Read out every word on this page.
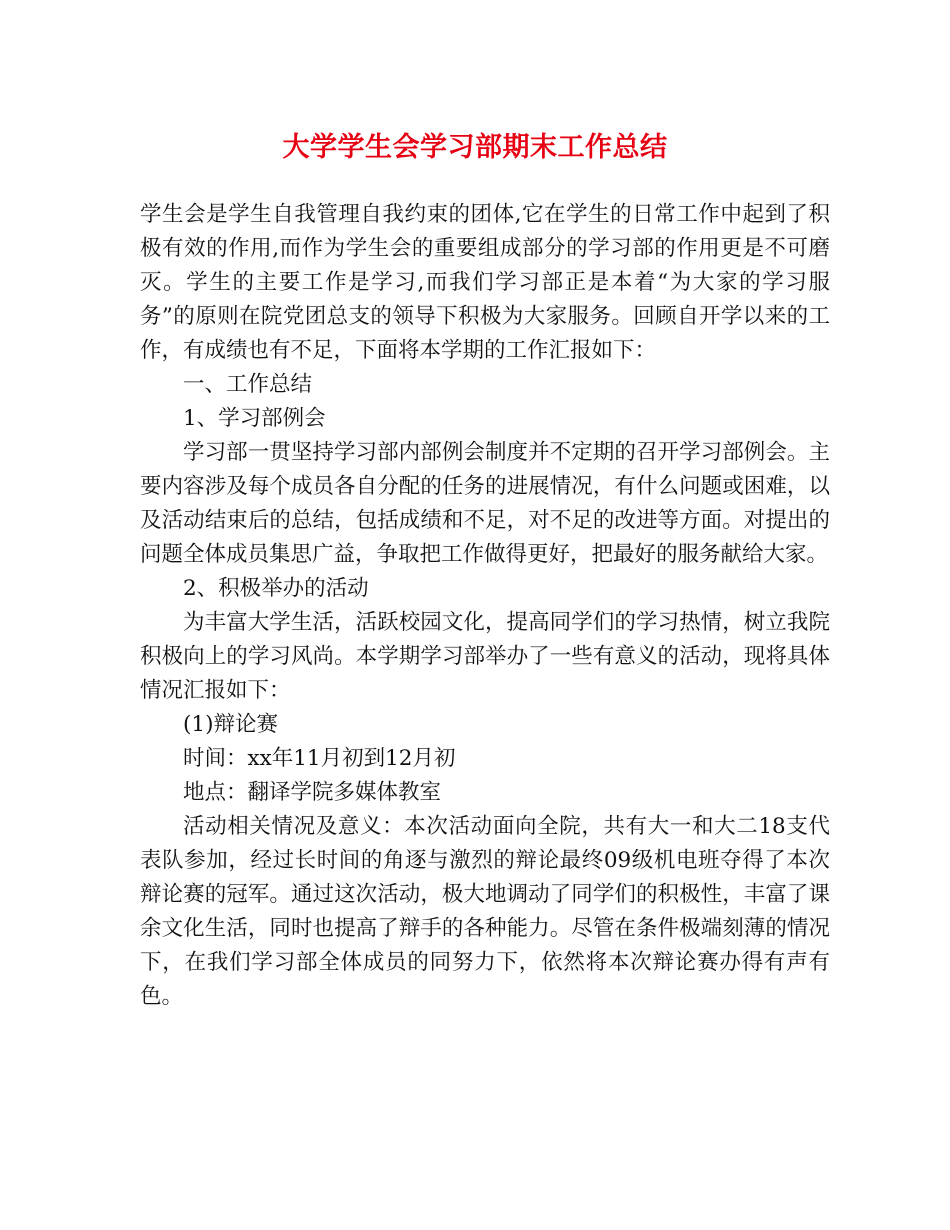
大学学生会学习部期末工作总结

学生会是学生自我管理自我约束的团体,它在学生的日常工作中起到了积极有效的作用,而作为学生会的重要组成部分的学习部的作用更是不可磨灭。学生的主要工作是学习,而我们学习部正是本着“为大家的学习服务”的原则在院党团总支的领导下积极为大家服务。回顾自开学以来的工作，有成绩也有不足，下面将本学期的工作汇报如下：

一、工作总结

1、学习部例会

学习部一贯坚持学习部内部例会制度并不定期的召开学习部例会。主要内容涉及每个成员各自分配的任务的进展情况，有什么问题或困难，以及活动结束后的总结，包括成绩和不足，对不足的改进等方面。对提出的问题全体成员集思广益，争取把工作做得更好，把最好的服务献给大家。

2、积极举办的活动

为丰富大学生活，活跃校园文化，提高同学们的学习热情，树立我院积极向上的学习风尚。本学期学习部举办了一些有意义的活动，现将具体情况汇报如下：

(1)辩论赛

时间：xx年11月初到12月初

地点：翻译学院多媒体教室

活动相关情况及意义：本次活动面向全院，共有大一和大二18支代表队参加，经过长时间的角逐与激烈的辩论最终09级机电班夺得了本次辩论赛的冠军。通过这次活动，极大地调动了同学们的积极性，丰富了课余文化生活，同时也提高了辩手的各种能力。尽管在条件极端刻薄的情况下，在我们学习部全体成员的同努力下，依然将本次辩论赛办得有声有色。
